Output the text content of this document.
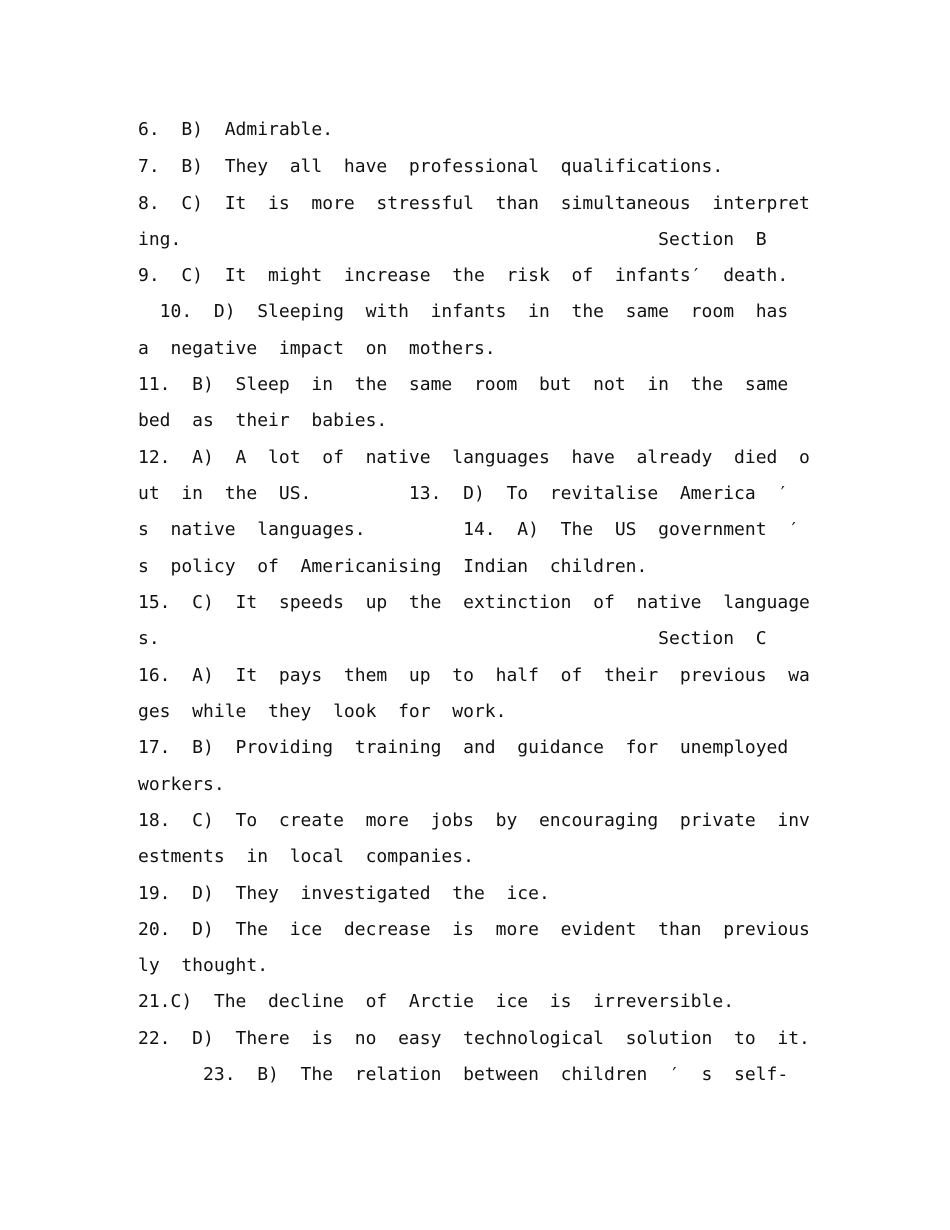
6.  B)  Admirable.
7.  B)  They  all  have  professional  qualifications.
8.  C)  It  is  more  stressful  than  simultaneous  interpret
ing.                                            Section  B
9.  C)  It  might  increase  the  risk  of  infants′  death.
10.  D)  Sleeping  with  infants  in  the  same  room  has
a  negative  impact  on  mothers.
11.  B)  Sleep  in  the  same  room  but  not  in  the  same
bed  as  their  babies.
12.  A)  A  lot  of  native  languages  have  already  died  o
ut  in  the  US.         13.  D)  To  revitalise  America  ′
s  native  languages.         14.  A)  The  US  government  ′
s  policy  of  Americanising  Indian  children.
15.  C)  It  speeds  up  the  extinction  of  native  language
s.                                              Section  C
16.  A)  It  pays  them  up  to  half  of  their  previous  wa
ges  while  they  look  for  work.
17.  B)  Providing  training  and  guidance  for  unemployed
workers.
18.  C)  To  create  more  jobs  by  encouraging  private  inv
estments  in  local  companies.
19.  D)  They  investigated  the  ice.
20.  D)  The  ice  decrease  is  more  evident  than  previous
ly  thought.
21.C)  The  decline  of  Arctie  ice  is  irreversible.
22.  D)  There  is  no  easy  technological  solution  to  it.
23.  B)  The  relation  between  children  ′  s  self-
